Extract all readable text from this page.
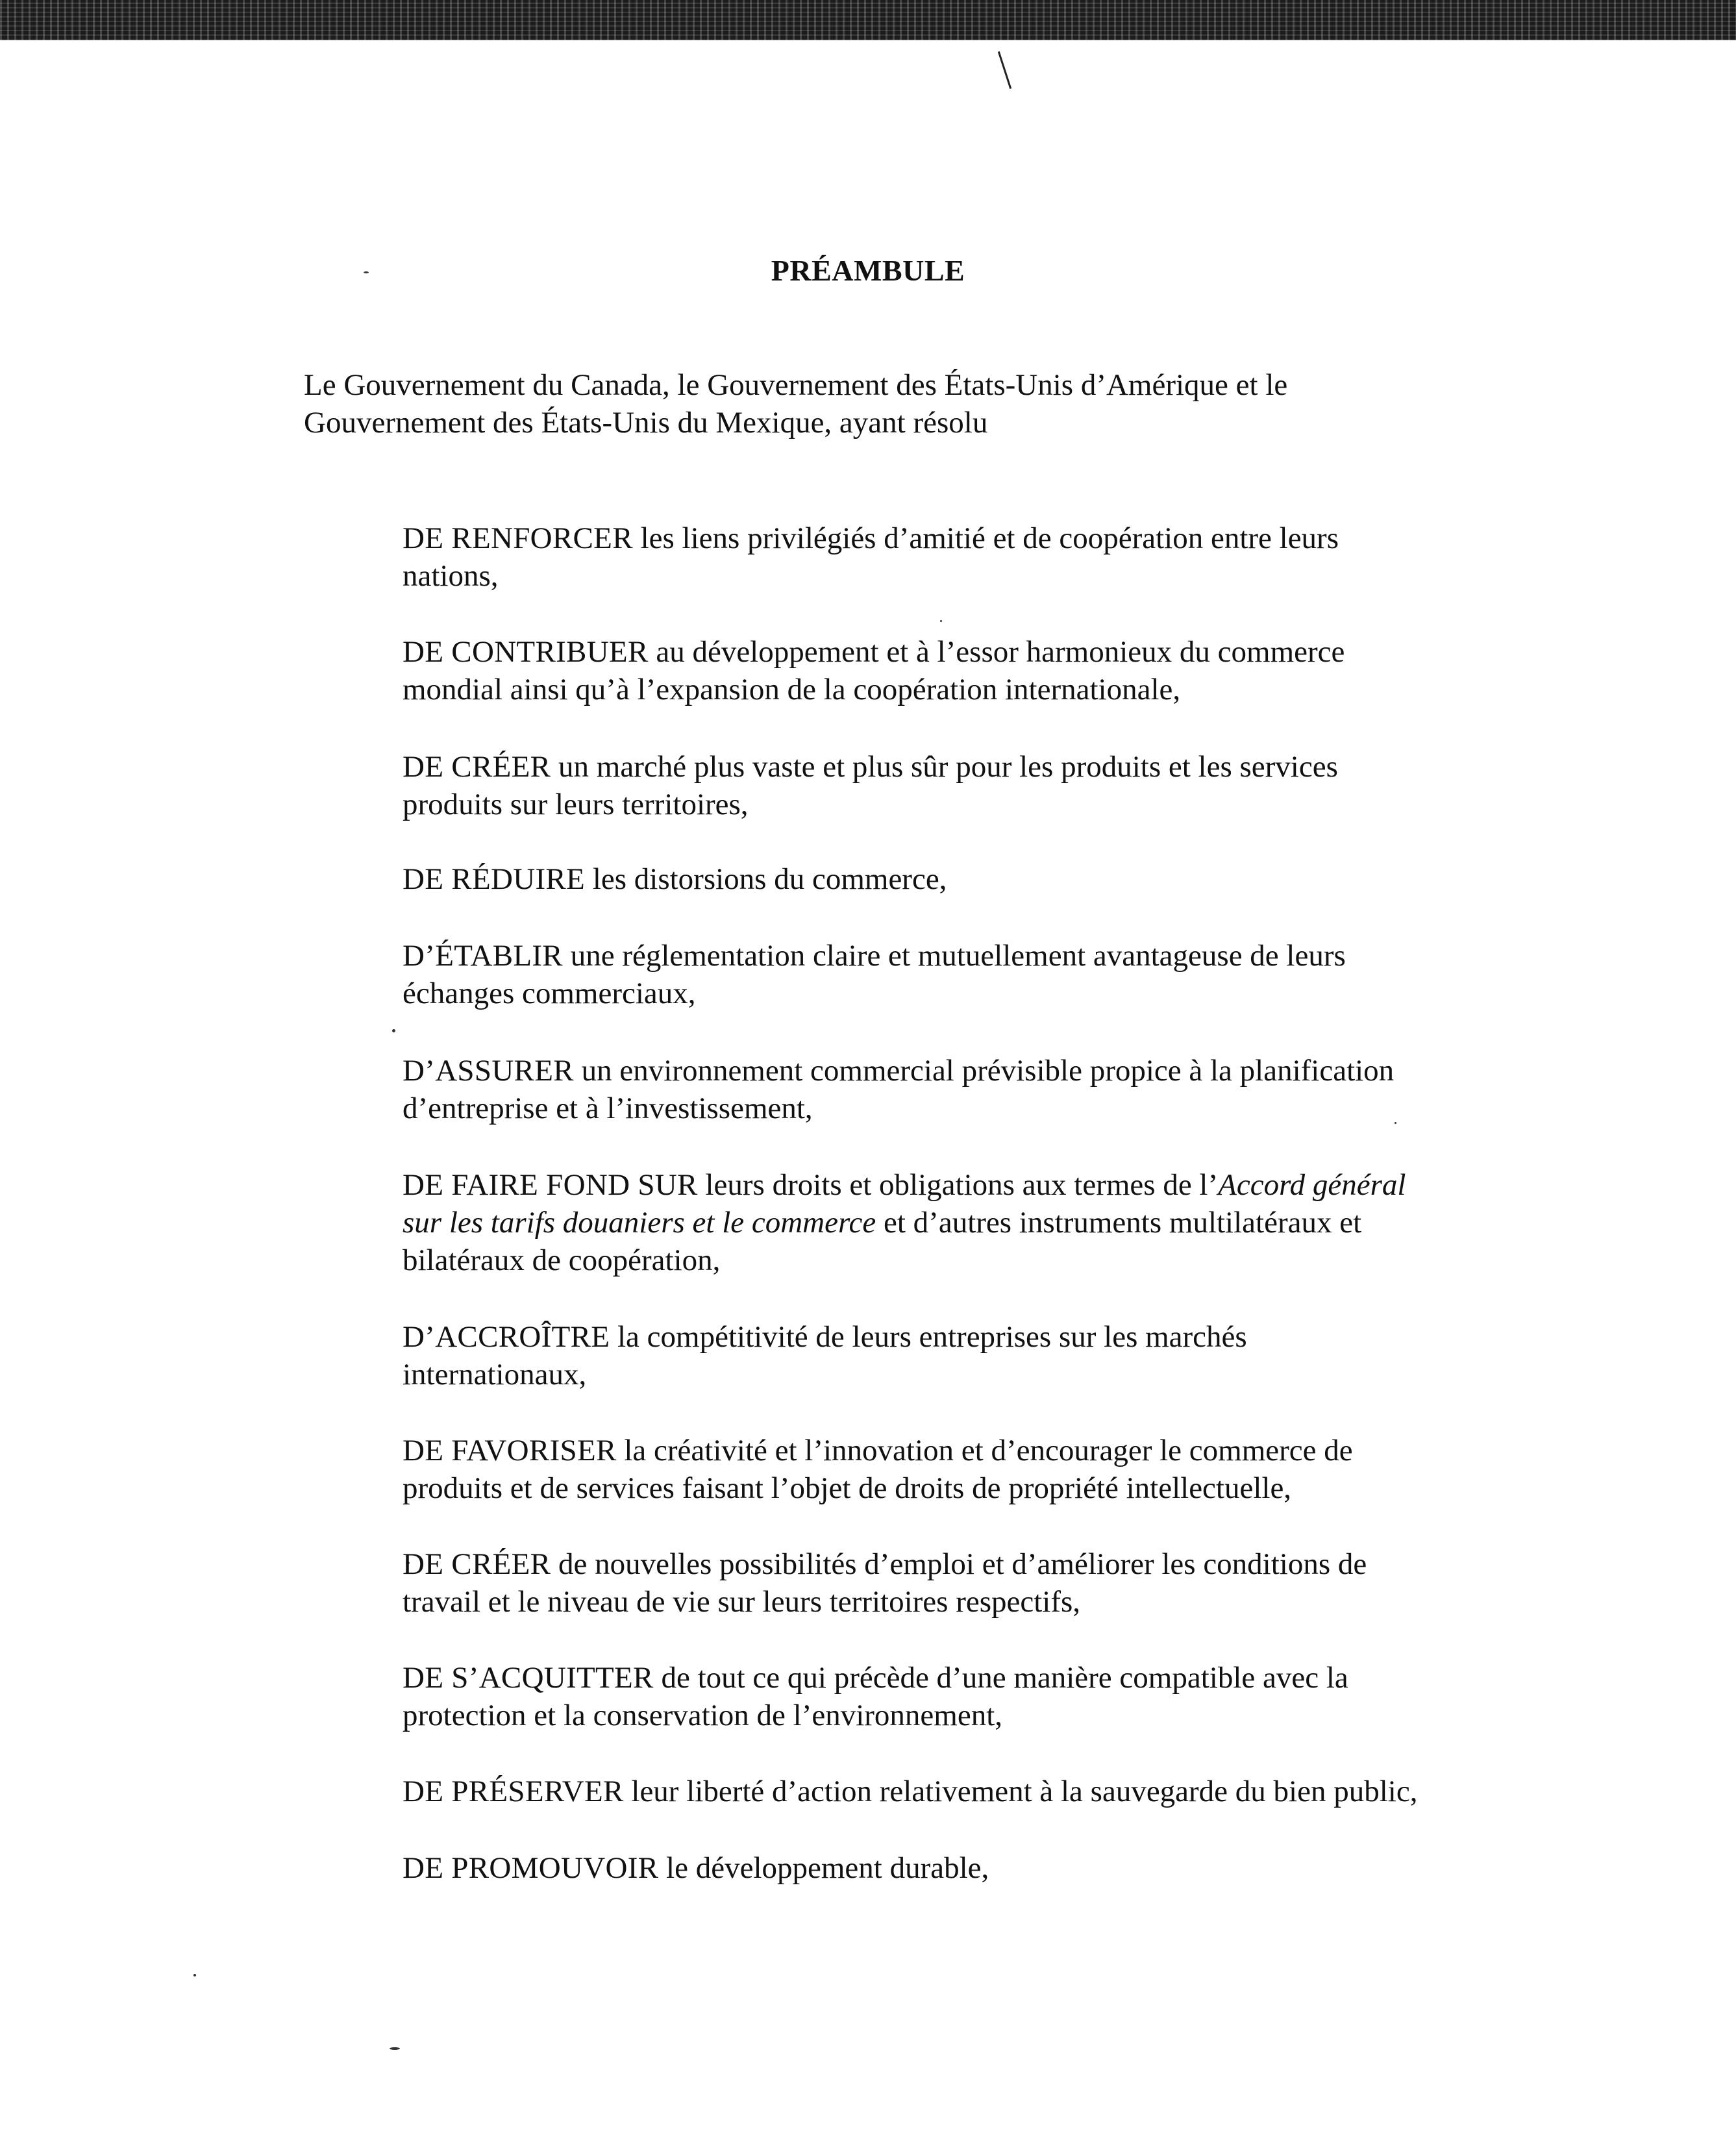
PRÉAMBULE
Le Gouvernement du Canada, le Gouvernement des États-Unis d’Amérique et le
Gouvernement des États-Unis du Mexique, ayant résolu

DE RENFORCER les liens privilégiés d’amitié et de coopération entre leurs
nations,

DE CONTRIBUER au développement et à l’essor harmonieux du commerce
mondial ainsi qu’à l’expansion de la coopération internationale,

DE CRÉER un marché plus vaste et plus sûr pour les produits et les services
produits sur leurs territoires,

DE RÉDUIRE les distorsions du commerce,

D’ÉTABLIR une réglementation claire et mutuellement avantageuse de leurs
échanges commerciaux,

D’ASSURER un environnement commercial prévisible propice à la planification
d’entreprise et à l’investissement,

DE FAIRE FOND SUR leurs droits et obligations aux termes de l’Accord général
sur les tarifs douaniers et le commerce et d’autres instruments multilatéraux et
bilatéraux de coopération,

D’ACCROÎTRE la compétitivité de leurs entreprises sur les marchés
internationaux,

DE FAVORISER la créativité et l’innovation et d’encourager le commerce de
produits et de services faisant l’objet de droits de propriété intellectuelle,

DE CRÉER de nouvelles possibilités d’emploi et d’améliorer les conditions de
travail et le niveau de vie sur leurs territoires respectifs,

DE S’ACQUITTER de tout ce qui précède d’une manière compatible avec la
protection et la conservation de l’environnement,

DE PRÉSERVER leur liberté d’action relativement à la sauvegarde du bien public,

DE PROMOUVOIR le développement durable,
